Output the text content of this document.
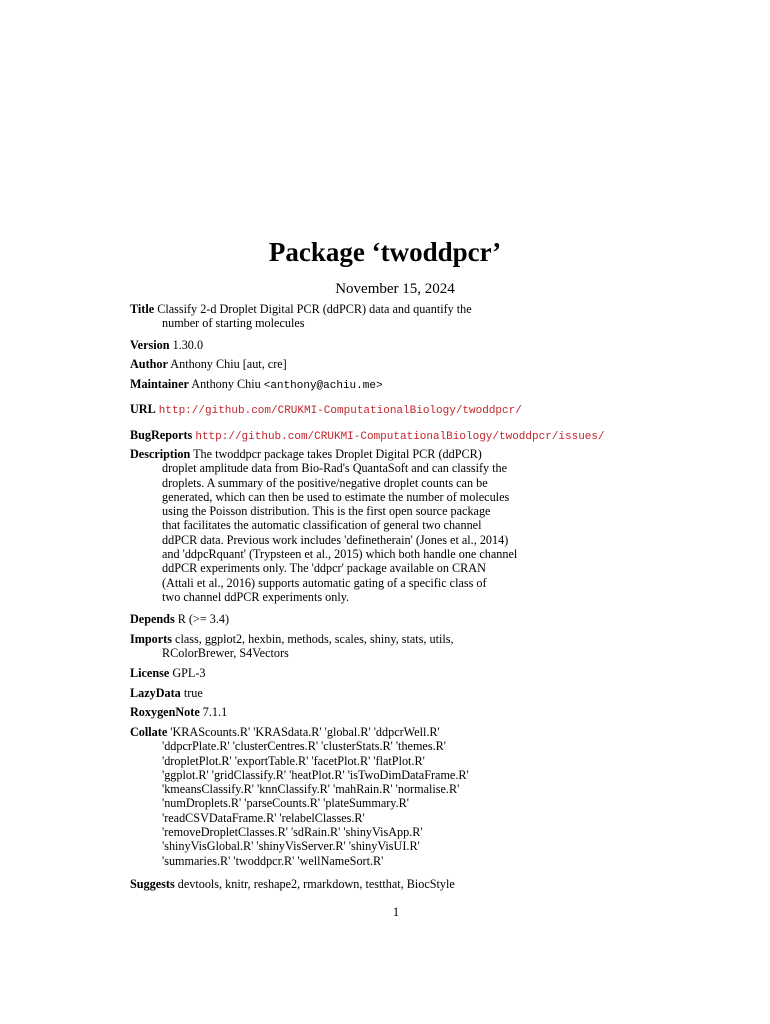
Package ‘twoddpcr’
November 15, 2024
Title Classify 2-d Droplet Digital PCR (ddPCR) data and quantify the
number of starting molecules
Version 1.30.0
Author Anthony Chiu [aut, cre]
Maintainer Anthony Chiu <anthony@achiu.me>
URL http://github.com/CRUKMI-ComputationalBiology/twoddpcr/
BugReports http://github.com/CRUKMI-ComputationalBiology/twoddpcr/issues/
Description The twoddpcr package takes Droplet Digital PCR (ddPCR)
droplet amplitude data from Bio-Rad's QuantaSoft and can classify the
droplets. A summary of the positive/negative droplet counts can be
generated, which can then be used to estimate the number of molecules
using the Poisson distribution. This is the first open source package
that facilitates the automatic classification of general two channel
ddPCR data. Previous work includes 'definetherain' (Jones et al., 2014)
and 'ddpcRquant' (Trypsteen et al., 2015) which both handle one channel
ddPCR experiments only. The 'ddpcr' package available on CRAN
(Attali et al., 2016) supports automatic gating of a specific class of
two channel ddPCR experiments only.
Depends R (>= 3.4)
Imports class, ggplot2, hexbin, methods, scales, shiny, stats, utils,
RColorBrewer, S4Vectors
License GPL-3
LazyData true
RoxygenNote 7.1.1
Collate 'KRAScounts.R' 'KRASdata.R' 'global.R' 'ddpcrWell.R'
'ddpcrPlate.R' 'clusterCentres.R' 'clusterStats.R' 'themes.R'
'dropletPlot.R' 'exportTable.R' 'facetPlot.R' 'flatPlot.R'
'ggplot.R' 'gridClassify.R' 'heatPlot.R' 'isTwoDimDataFrame.R'
'kmeansClassify.R' 'knnClassify.R' 'mahRain.R' 'normalise.R'
'numDroplets.R' 'parseCounts.R' 'plateSummary.R'
'readCSVDataFrame.R' 'relabelClasses.R'
'removeDropletClasses.R' 'sdRain.R' 'shinyVisApp.R'
'shinyVisGlobal.R' 'shinyVisServer.R' 'shinyVisUI.R'
'summaries.R' 'twoddpcr.R' 'wellNameSort.R'
Suggests devtools, knitr, reshape2, rmarkdown, testthat, BiocStyle
1
